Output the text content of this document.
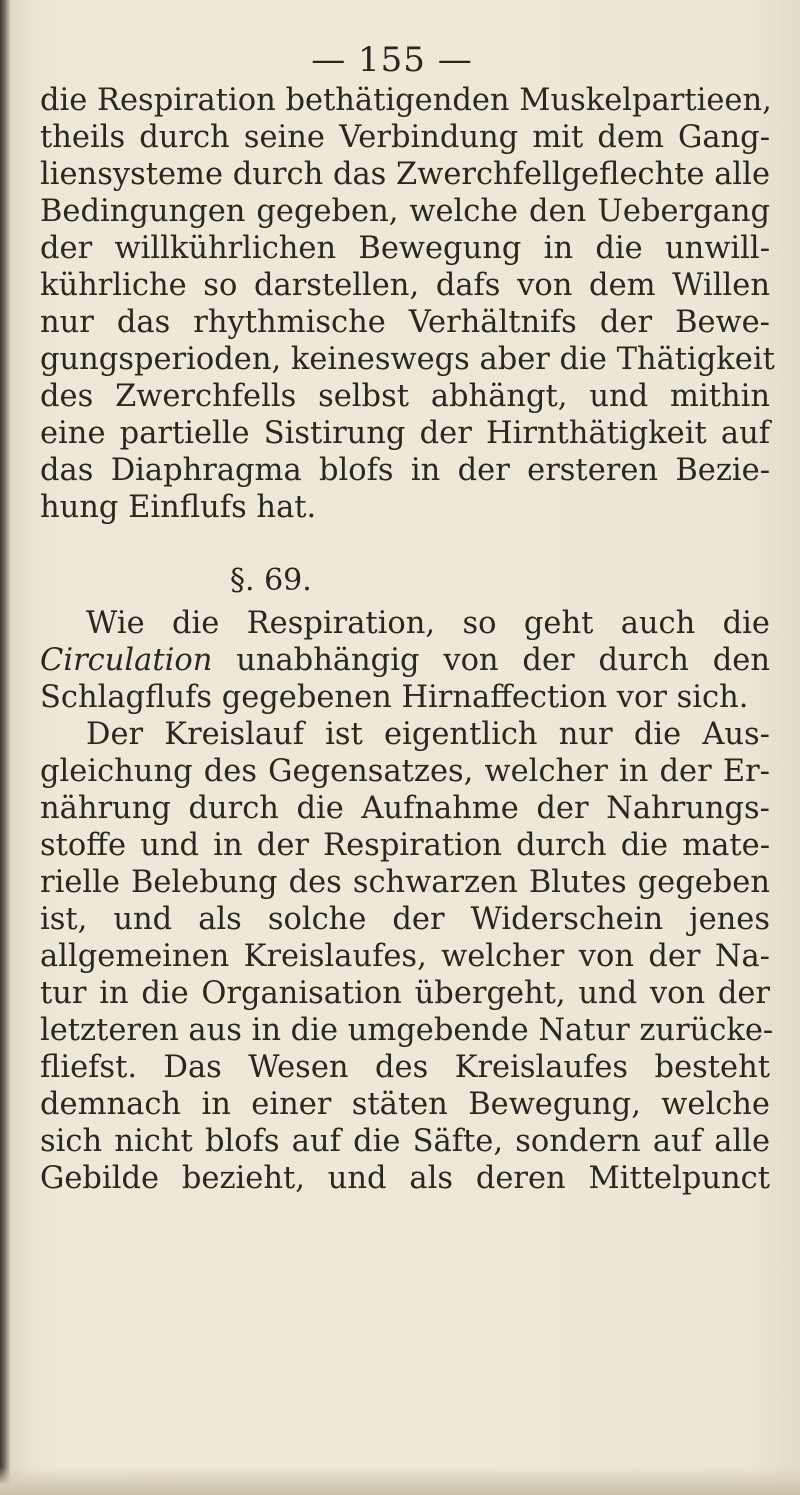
— 155 —
die Respiration bethätigenden Muskelpartieen,
theils durch seine Verbindung mit dem Gang-
liensysteme durch das Zwerchfellgeflechte alle
Bedingungen gegeben, welche den Uebergang
der willkührlichen Bewegung in die unwill-
kührliche so darstellen, dafs von dem Willen
nur das rhythmische Verhältnifs der Bewe-
gungsperioden, keineswegs aber die Thätigkeit
des Zwerchfells selbst abhängt, und mithin
eine partielle Sistirung der Hirnthätigkeit auf
das Diaphragma blofs in der ersteren Bezie-
hung Einflufs hat.
§. 69.
Wie die Respiration, so geht auch die
Circulation unabhängig von der durch den
Schlagflufs gegebenen Hirnaffection vor sich.
Der Kreislauf ist eigentlich nur die Aus-
gleichung des Gegensatzes, welcher in der Er-
nährung durch die Aufnahme der Nahrungs-
stoffe und in der Respiration durch die mate-
rielle Belebung des schwarzen Blutes gegeben
ist, und als solche der Widerschein jenes
allgemeinen Kreislaufes, welcher von der Na-
tur in die Organisation übergeht, und von der
letzteren aus in die umgebende Natur zurücke-
fliefst. Das Wesen des Kreislaufes besteht
demnach in einer stäten Bewegung, welche
sich nicht blofs auf die Säfte, sondern auf alle
Gebilde bezieht, und als deren Mittelpunct
